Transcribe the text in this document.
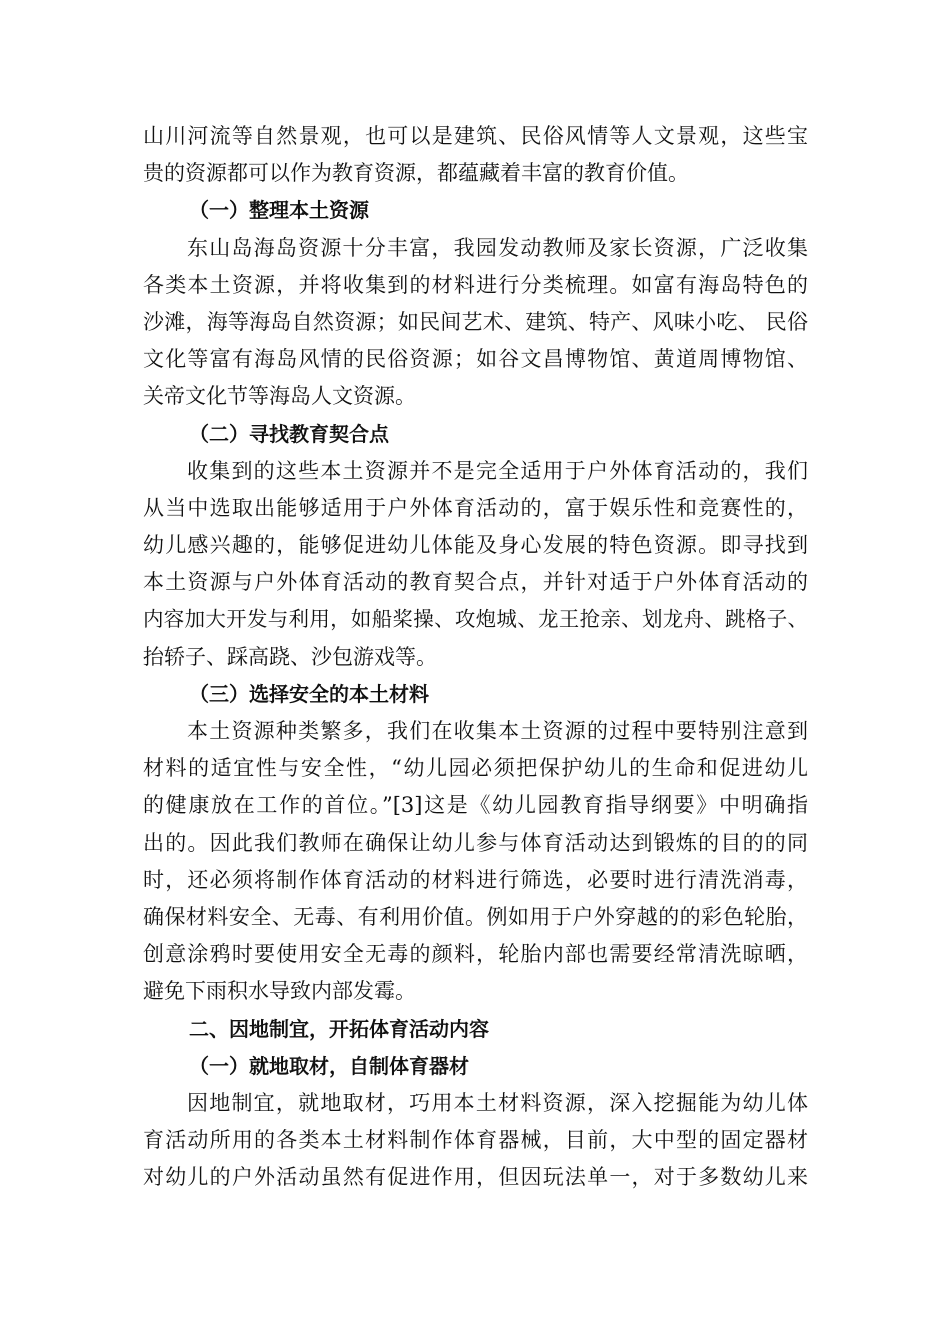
山川河流等自然景观，也可以是建筑、民俗风情等人文景观，这些宝
贵的资源都可以作为教育资源，都蕴藏着丰富的教育价值。
（一）整理本土资源
东山岛海岛资源十分丰富，我园发动教师及家长资源，广泛收集
各类本土资源，并将收集到的材料进行分类梳理。如富有海岛特色的
沙滩，海等海岛自然资源；如民间艺术、建筑、特产、风味小吃、 民俗
文化等富有海岛风情的民俗资源；如谷文昌博物馆、黄道周博物馆、
关帝文化节等海岛人文资源。
（二）寻找教育契合点
收集到的这些本土资源并不是完全适用于户外体育活动的，我们
从当中选取出能够适用于户外体育活动的，富于娱乐性和竞赛性的，
幼儿感兴趣的，能够促进幼儿体能及身心发展的特色资源。即寻找到
本土资源与户外体育活动的教育契合点，并针对适于户外体育活动的
内容加大开发与利用，如船桨操、攻炮城、龙王抢亲、划龙舟、跳格子、
抬轿子、踩高跷、沙包游戏等。
（三）选择安全的本土材料
本土资源种类繁多，我们在收集本土资源的过程中要特别注意到
材料的适宜性与安全性，“幼儿园必须把保护幼儿的生命和促进幼儿
的健康放在工作的首位。”[3]这是《幼儿园教育指导纲要》中明确指
出的。因此我们教师在确保让幼儿参与体育活动达到锻炼的目的的同
时，还必须将制作体育活动的材料进行筛选，必要时进行清洗消毒，
确保材料安全、无毒、有利用价值。例如用于户外穿越的的彩色轮胎，
创意涂鸦时要使用安全无毒的颜料，轮胎内部也需要经常清洗晾晒，
避免下雨积水导致内部发霉。
二、因地制宜，开拓体育活动内容
（一）就地取材，自制体育器材
因地制宜，就地取材，巧用本土材料资源，深入挖掘能为幼儿体
育活动所用的各类本土材料制作体育器械，目前，大中型的固定器材
对幼儿的户外活动虽然有促进作用，但因玩法单一，对于多数幼儿来
